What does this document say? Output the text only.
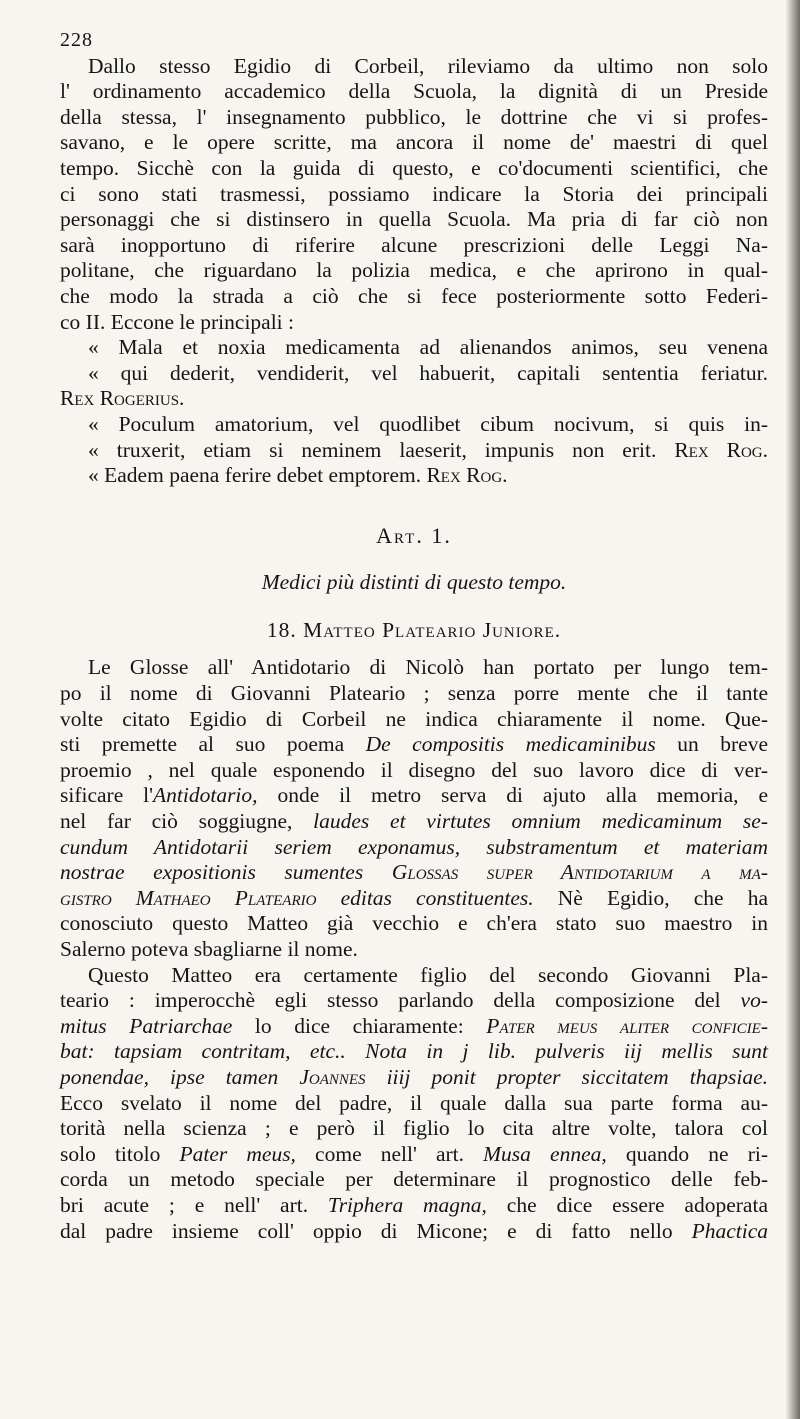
228
Dallo stesso Egidio di Corbeil, rileviamo da ultimo non solo
l' ordinamento accademico della Scuola, la dignità di un Preside
della stessa, l' insegnamento pubblico, le dottrine che vi si profes-
savano, e le opere scritte, ma ancora il nome de' maestri di quel
tempo. Sicchè con la guida di questo, e co'documenti scientifici, che
ci sono stati trasmessi, possiamo indicare la Storia dei principali
personaggi che si distinsero in quella Scuola. Ma pria di far ciò non
sarà inopportuno di riferire alcune prescrizioni delle Leggi Na-
politane, che riguardano la polizia medica, e che aprirono in qual-
che modo la strada a ciò che si fece posteriormente sotto Federi-
co II. Eccone le principali :
« Mala et noxia medicamenta ad alienandos animos, seu venena
« qui dederit, vendiderit, vel habuerit, capitali sententia feriatur.
Rex Rogerius.
« Poculum amatorium, vel quodlibet cibum nocivum, si quis in-
« truxerit, etiam si neminem laeserit, impunis non erit. Rex Rog.
« Eadem paena ferire debet emptorem. Rex Rog.
Art. 1.
Medici più distinti di questo tempo.
18. Matteo Plateario Juniore.
Le Glosse all' Antidotario di Nicolò han portato per lungo tem-
po il nome di Giovanni Plateario ; senza porre mente che il tante
volte citato Egidio di Corbeil ne indica chiaramente il nome. Que-
sti premette al suo poema De compositis medicaminibus un breve
proemio , nel quale esponendo il disegno del suo lavoro dice di ver-
sificare l'Antidotario, onde il metro serva di ajuto alla memoria, e
nel far ciò soggiugne, laudes et virtutes omnium medicaminum se-
cundum Antidotarii seriem exponamus, substramentum et materiam
nostrae expositionis sumentes Glossas super Antidotarium a ma-
gistro Mathaeo Plateario editas constituentes. Nè Egidio, che ha
conosciuto questo Matteo già vecchio e ch'era stato suo maestro in
Salerno poteva sbagliarne il nome.
Questo Matteo era certamente figlio del secondo Giovanni Pla-
teario : imperocchè egli stesso parlando della composizione del vo-
mitus Patriarchae lo dice chiaramente: Pater meus aliter conficie-
bat: tapsiam contritam, etc.. Nota in j lib. pulveris iij mellis sunt
ponendae, ipse tamen Joannes iiij ponit propter siccitatem thapsiae.
Ecco svelato il nome del padre, il quale dalla sua parte forma au-
torità nella scienza ; e però il figlio lo cita altre volte, talora col
solo titolo Pater meus, come nell' art. Musa ennea, quando ne ri-
corda un metodo speciale per determinare il prognostico delle feb-
bri acute ; e nell' art. Triphera magna, che dice essere adoperata
dal padre insieme coll' oppio di Micone; e di fatto nello Phactica
